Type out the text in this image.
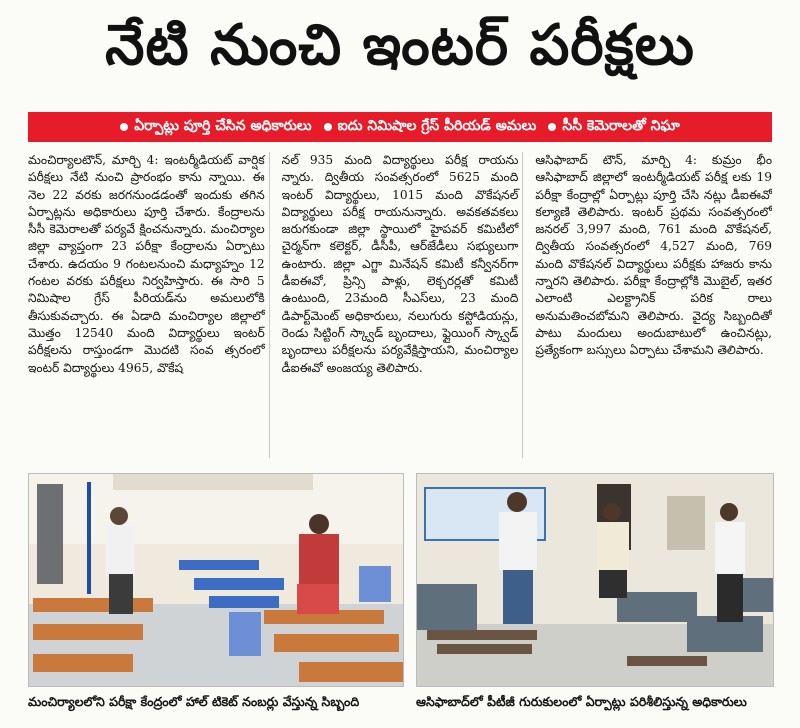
నేటి నుంచి ఇంటర్ పరీక్షలు
ఏర్పాట్లు పూర్తి చేసిన అధికారులు ఐదు నిమిషాల గ్రేస్ పీరియడ్ అమలు సీసీ కెమెరాలతో నిఘా

మంచిర్యాలటౌన్, మార్చి 4: ఇంటర్మీడియట్ వార్షిక పరీక్షలు నేటి నుంచి ప్రారంభం కాను న్నాయి. ఈ నెల 22 వరకు జరగనుండడంతో ఇందుకు తగిన ఏర్పాట్లను అధికారులు పూర్తి చేశారు. కేంద్రాలను సీసీ కెమెరాలతో పర్యవే క్షించనున్నారు. మంచిర్యాల జిల్లా వ్యాప్తంగా 23 పరీక్షా కేంద్రాలను ఏర్పాటు చేశారు. ఉదయం 9 గంటలనుంచి మధ్యాహ్నం 12 గంటల వరకు పరీక్షలు నిర్వహిస్తారు. ఈ సారి 5 నిమిషాల గ్రేస్ పీరియడ్‌ను అమలులోకి తీసుకువచ్చారు. ఈ ఏడాది మంచిర్యాల జిల్లాలో మొత్తం 12540 మంది విద్యార్థులు ఇంటర్ పరీక్షలను రాస్తుండగా మొదటి సంవ త్సరంలో ఇంటర్ విద్యార్థులు 4965, వొకేష

నల్ 935 మంది విద్యార్థులు పరీక్ష రాయను న్నారు. ద్వితీయ సంవత్సరంలో 5625 మంది ఇంటర్ విద్యార్థులు, 1015 మంది వొకేషనల్ విద్యార్థులు పరీక్ష రాయనున్నారు. అవకతవకలు జరుగకుండా జిల్లా స్థాయిలో హైపవర్ కమిటీలో చైర్మన్‌గా కలెక్టర్, డీసీపీ, ఆర్‌జేడీలు సభ్యులుగా ఉంటారు. జిల్లా ఎగ్జా మినేషన్ కమిటీ కన్వీనర్‌గా డీఐఈవో, ప్రిన్సి పాళ్లు, లెక్చరర్లతో కమిటీ ఉంటుంది, 23మంది సీఎస్‌లు, 23 మంది డిపార్ట్‌మెంట్ అధికారులు, నలుగురు కస్టోడియన్లు, రెండు సిట్టింగ్ స్క్వాడ్ బృందాలు, ఫ్లైయింగ్ స్క్వాడ్ బృందాలు పరీక్షలను పర్యవేక్షిస్తాయని, మంచిర్యాల డీఐఈవో అంజయ్య తెలిపారు.

ఆసిఫాబాద్ టౌన్, మార్చి 4: కుమ్రం భీం ఆసిఫాబాద్ జిల్లాలో ఇంటర్మీడియట్ పరీక్ష లకు 19 పరీక్షా కేంద్రాల్లో ఏర్పాట్లు పూర్తి చేసి నట్లు డీఐఈవో కల్యాణి తెలిపారు. ఇంటర్ ప్రథమ సంవత్సరంలో జనరల్ 3,997 మంది, 761 మంది వొకేషనల్, ద్వితీయ సంవత్సరంలో 4,527 మంది, 769 మంది వొకేషనల్ విద్యార్థులు పరీక్షకు హాజరు కాను న్నారని తెలిపారు. పరీక్షా కేంద్రాల్లోకి మొబైల్, ఇతర ఎలాంటి ఎలక్ట్రానిక్ పరిక రాలు అనుమతించబోమని తెలిపారు. వైద్య సిబ్బందితో పాటు మందులు అందుబాటులో ఉంచినట్లు, ప్రత్యేకంగా బస్సులు ఏర్పాటు చేశామని తెలిపారు.

మంచిర్యాలలోని పరీక్షా కేంద్రంలో హాల్ టికెట్ నంబర్లు వేస్తున్న సిబ్బంది	ఆసిఫాబాద్‌లో పీటీజీ గురుకులంలో ఏర్పాట్లు పరిశీలిస్తున్న అధికారులు
